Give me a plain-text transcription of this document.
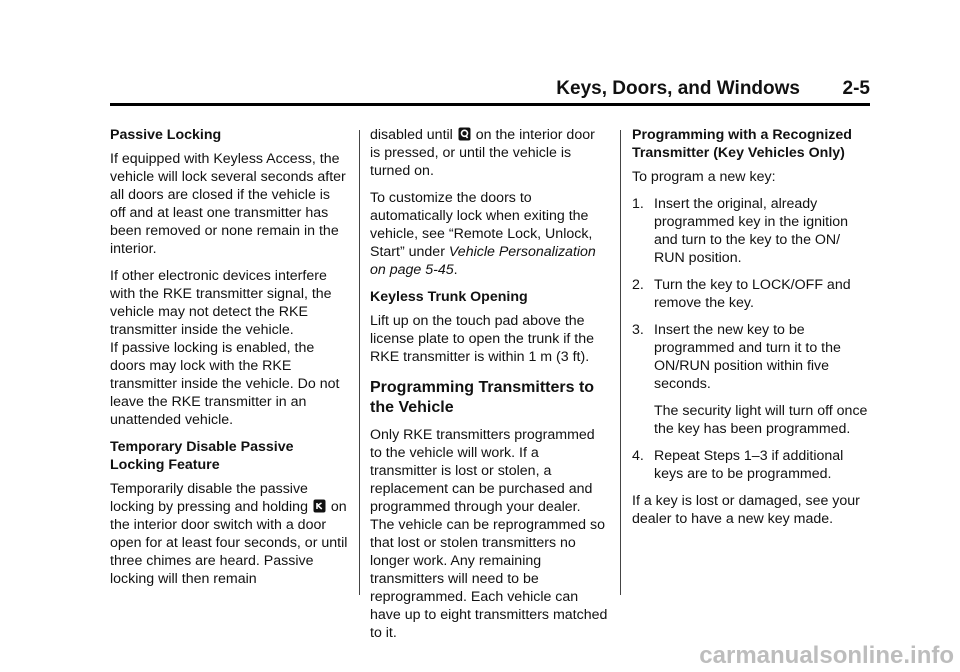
Keys, Doors, and Windows 2-5

Passive Locking

If equipped with Keyless Access, the vehicle will lock several seconds after all doors are closed if the vehicle is off and at least one transmitter has been removed or none remain in the interior.

If other electronic devices interfere with the RKE transmitter signal, the vehicle may not detect the RKE transmitter inside the vehicle.

If passive locking is enabled, the doors may lock with the RKE transmitter inside the vehicle. Do not leave the RKE transmitter in an unattended vehicle.

Temporary Disable Passive Locking Feature

Temporarily disable the passive locking by pressing and holding on the interior door switch with a door open for at least four seconds, or until three chimes are heard. Passive locking will then remain

disabled until on the interior door is pressed, or until the vehicle is turned on.

To customize the doors to automatically lock when exiting the vehicle, see “Remote Lock, Unlock, Start” under Vehicle Personalization on page 5-45.

Keyless Trunk Opening

Lift up on the touch pad above the license plate to open the trunk if the RKE transmitter is within 1 m (3 ft).

Programming Transmitters to the Vehicle

Only RKE transmitters programmed to the vehicle will work. If a transmitter is lost or stolen, a replacement can be purchased and programmed through your dealer. The vehicle can be reprogrammed so that lost or stolen transmitters no longer work. Any remaining transmitters will need to be reprogrammed. Each vehicle can have up to eight transmitters matched to it.

Programming with a Recognized Transmitter (Key Vehicles Only)

To program a new key:

1. Insert the original, already programmed key in the ignition and turn to the key to the ON/ RUN position.
2. Turn the key to LOCK/OFF and remove the key.
3. Insert the new key to be programmed and turn it to the ON/RUN position within five seconds.

The security light will turn off once the key has been programmed.

4. Repeat Steps 1–3 if additional keys are to be programmed.

If a key is lost or damaged, see your dealer to have a new key made.

carmanualsonline.info
